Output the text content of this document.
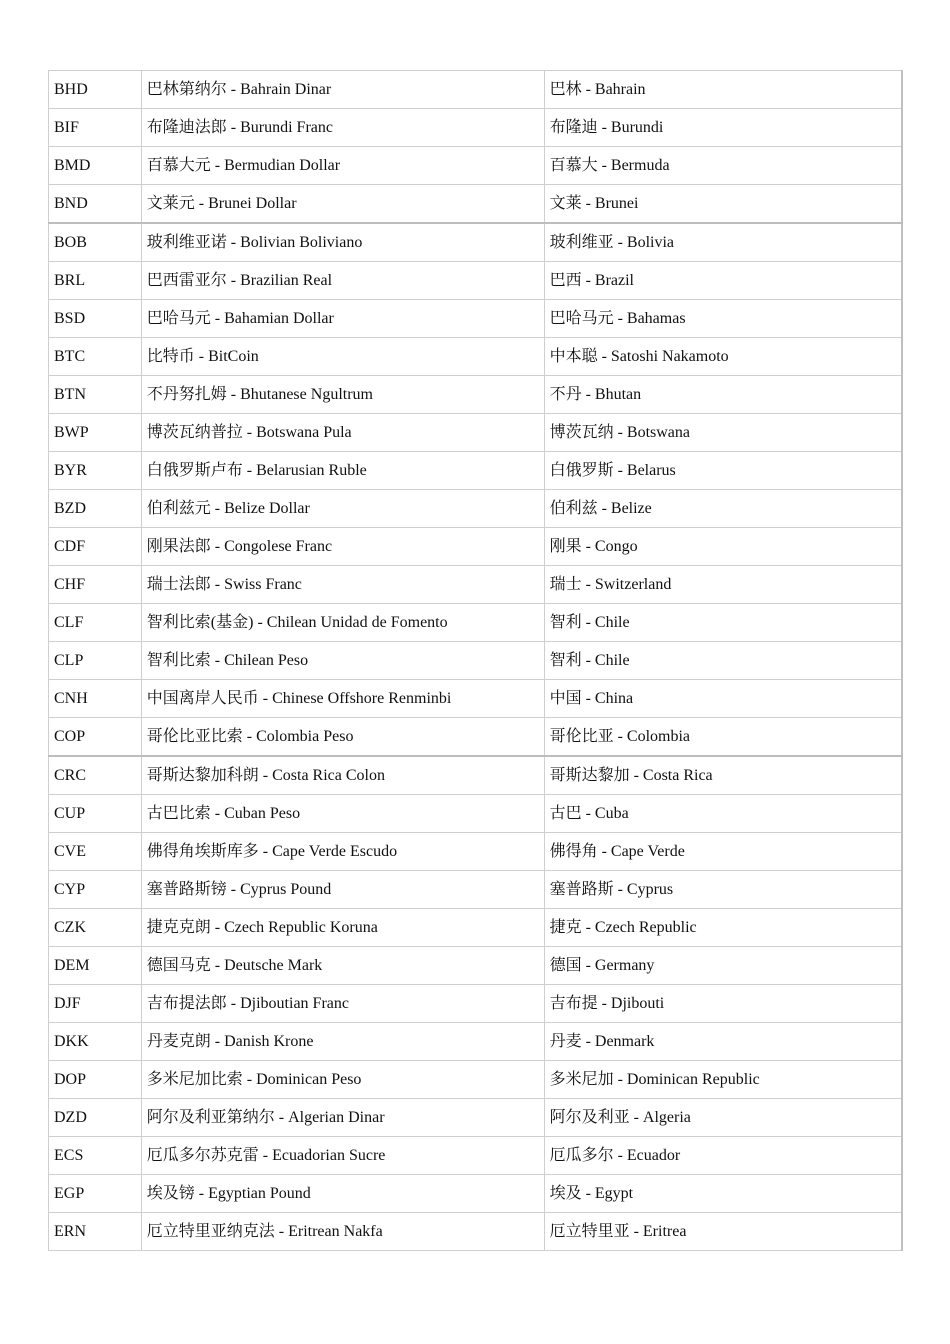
BHD	巴林第纳尔 - Bahrain Dinar	巴林 - Bahrain
BIF	布隆迪法郎 - Burundi Franc	布隆迪 - Burundi
BMD	百慕大元 - Bermudian Dollar	百慕大 - Bermuda
BND	文莱元 - Brunei Dollar	文莱 - Brunei
BOB	玻利维亚诺 - Bolivian Boliviano	玻利维亚 - Bolivia
BRL	巴西雷亚尔 - Brazilian Real	巴西 - Brazil
BSD	巴哈马元 - Bahamian Dollar	巴哈马元 - Bahamas
BTC	比特币 - BitCoin	中本聪 - Satoshi Nakamoto
BTN	不丹努扎姆 - Bhutanese Ngultrum	不丹 - Bhutan
BWP	博茨瓦纳普拉 - Botswana Pula	博茨瓦纳 - Botswana
BYR	白俄罗斯卢布 - Belarusian Ruble	白俄罗斯 - Belarus
BZD	伯利兹元 - Belize Dollar	伯利兹 - Belize
CDF	刚果法郎 - Congolese Franc	刚果 - Congo
CHF	瑞士法郎 - Swiss Franc	瑞士 - Switzerland
CLF	智利比索(基金) - Chilean Unidad de Fomento	智利 - Chile
CLP	智利比索 - Chilean Peso	智利 - Chile
CNH	中国离岸人民币 - Chinese Offshore Renminbi	中国 - China
COP	哥伦比亚比索 - Colombia Peso	哥伦比亚 - Colombia
CRC	哥斯达黎加科朗 - Costa Rica Colon	哥斯达黎加 - Costa Rica
CUP	古巴比索 - Cuban Peso	古巴 - Cuba
CVE	佛得角埃斯库多 - Cape Verde Escudo	佛得角 - Cape Verde
CYP	塞普路斯镑 - Cyprus Pound	塞普路斯 - Cyprus
CZK	捷克克朗 - Czech Republic Koruna	捷克 - Czech Republic
DEM	德国马克 - Deutsche Mark	德国 - Germany
DJF	吉布提法郎 - Djiboutian Franc	吉布提 - Djibouti
DKK	丹麦克朗 - Danish Krone	丹麦 - Denmark
DOP	多米尼加比索 - Dominican Peso	多米尼加 - Dominican Republic
DZD	阿尔及利亚第纳尔 - Algerian Dinar	阿尔及利亚 - Algeria
ECS	厄瓜多尔苏克雷 - Ecuadorian Sucre	厄瓜多尔 - Ecuador
EGP	埃及镑 - Egyptian Pound	埃及 - Egypt
ERN	厄立特里亚纳克法 - Eritrean Nakfa	厄立特里亚 - Eritrea
